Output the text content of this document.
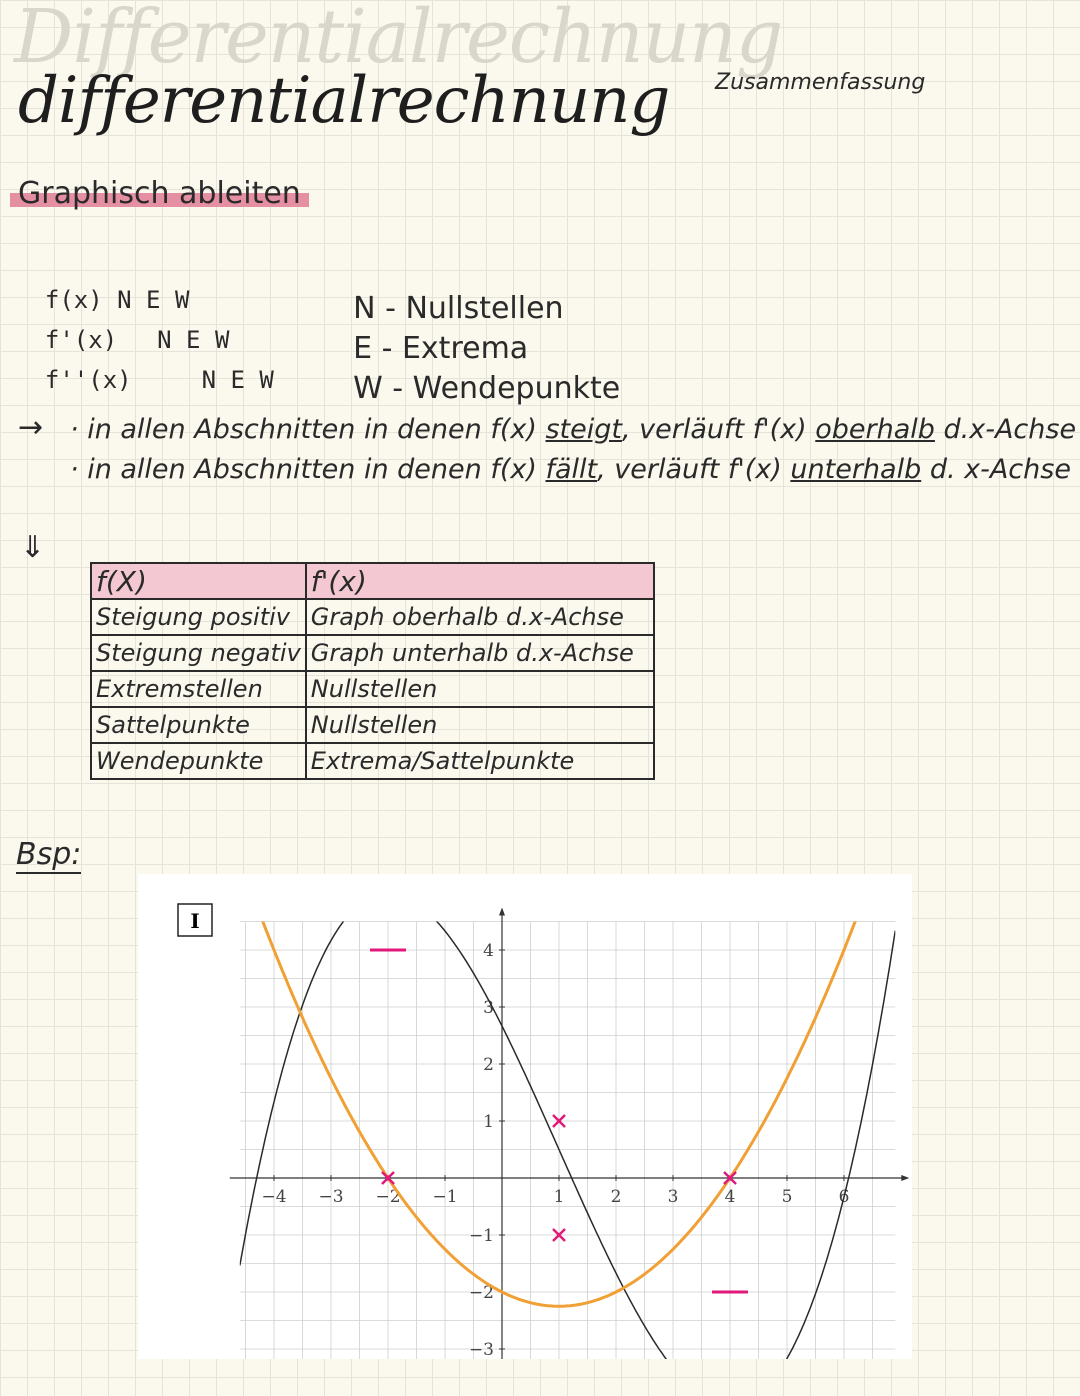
Differentialrechnung
differentialrechnung Zusammenfassung
Graphisch ableiten

f(x) N E W

f'(x) N E W

f''(x)	N E W

N - Nullstellen

E - Extrema

W - Wendepunkte

→ · in allen Abschnitten in denen f(x) steigt, verläuft f'(x) oberhalb d.x-Achse
· in allen Abschnitten in denen f(x) fällt, verläuft f'(x) unterhalb d. x-Achse
⇓
f(X)	f'(x)
Steigung positiv	Graph oberhalb d.x-Achse
Steigung negativ	Graph unterhalb d.x-Achse
Extremstellen	Nullstellen
Sattelpunkte	Nullstellen
Wendepunkte	Extrema/Sattelpunkte
Bsp:
−4 −3 −2 −1	1	2	3	4	5	6
−3
−2
−1
1
2
3
4
I
